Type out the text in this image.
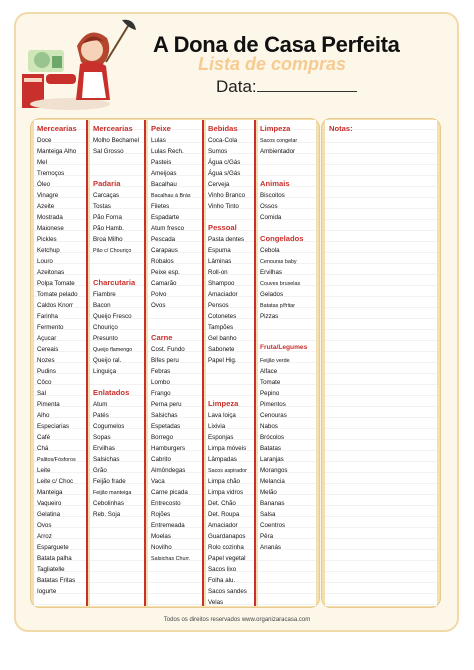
A Dona de Casa Perfeita
Lista de compras
Data:
Mercearias
Doce
Manteiga Alho
Mel
Tremoços
Óleo
Vinagre
Azeite
Mostrada
Maionese
Pickles
Ketchup
Louro
Azeitonas
Polpa Tomate
Tomate pelado
Caldos Knorr
Farinha
Fermento
Açucar
Cereais
Nozes
Pudins
Côco
Sal
Pimenta
Alho
Especiarias
Café
Chá
Palitos/Fósforos
Leite
Leite c/ Choc
Manteiga
Vaqueiro
Gelatina
Ovos
Arroz
Esparguete
Batata palha
Tagliatelle
Batatas Fritas
Iogurte
Mercearias
Molho Bechamel
Sal Grosso
Padaria
Carcaças
Tostas
Pão Forna
Pão Hamb.
Broa Milho
Pão c/ Chouriço
Charcutaria
Fiambre
Bacon
Queijo Fresco
Chouriço
Presunto
Queijo flamengo
Queijo ral.
Linguiça
Enlatados
Atum
Patés
Cogumelos
Sopas
Ervilhas
Salsichas
Grão
Feijão frade
Feijão manteiga
Cebolinhas
Reb. Soja
Peixe
Lulas
Lulas Rech.
Pasteis
Ameijoas
Bacalhau
Bacalhau à Brás
Filetes
Espadarte
Atum fresco
Pescada
Carapaus
Robalos
Peixe esp.
Camarão
Polvo
Ovos
Carne
Cost. Fundo
Bifes peru
Febras
Lombo
Frango
Perna peru
Salsichas
Espetadas
Borrego
Hamburgers
Cabrito
Almôndegas
Vaca
Carne picada
Entrecosto
Rojões
Entremeada
Moelas
Novilho
Salsichas Churr.
Bebidas
Coca-Cola
Sumos
Água c/Gás
Água s/Gás
Cerveja
Vinho Branco
Vinho Tinto
Pessoal
Pasta dentes
Espuma
Lâminas
Roll-on
Shampoo
Amaciador
Pensos
Cotonetes
Tampões
Gel banho
Sabonete
Papel Hig.
Limpeza
Lava loiça
Lixivia
Esponjas
Limpa móveis
Lâmpadas
Sacos aspirador
Limpa chão
Limpa vidros
Det. Chão
Det. Roupa
Amaciador
Guardanapos
Rolo cozinha
Papel vegetal
Sacos lixo
Folha alu.
Sacos sandes
Velas
Limpeza
Sacos congelar
Ambientador
Animais
Biscoitos
Ossos
Comida
Congelados
Cebola
Cenouras baby
Ervilhas
Couves bruxelas
Gelados
Batatas p/fritar
Pizzas
Fruta/Legumes
Feijão verde
Alface
Tomate
Pepino
Pimentos
Cenouras
Nabos
Brócolos
Batatas
Laranjas
Morangos
Melancia
Melão
Bananas
Salsa
Coentros
Pêra
Ananás
Notas:
Todos os direitos reservados www.organizaracasa.com
